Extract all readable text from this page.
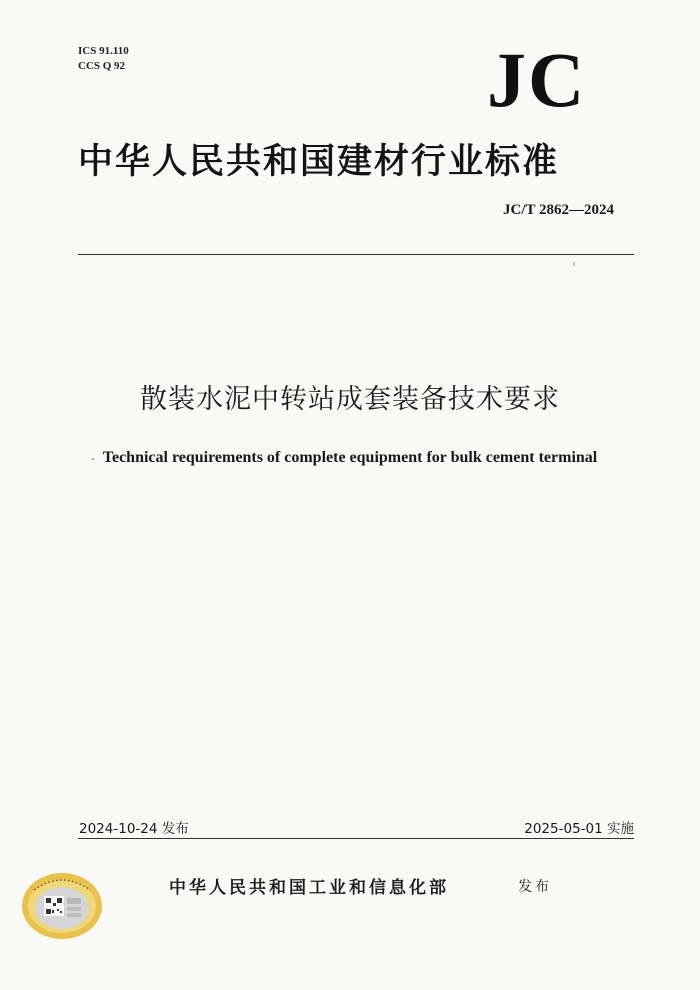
ICS 91.110
CCS Q 92	JC
中华人民共和国建材行业标准
JC/T 2862—2024
散装水泥中转站成套装备技术要求
Technical requirements of complete equipment for bulk cement terminal
2024-10-24 发布	2025-05-01 实施
中华人民共和国工业和信息化部	发布
